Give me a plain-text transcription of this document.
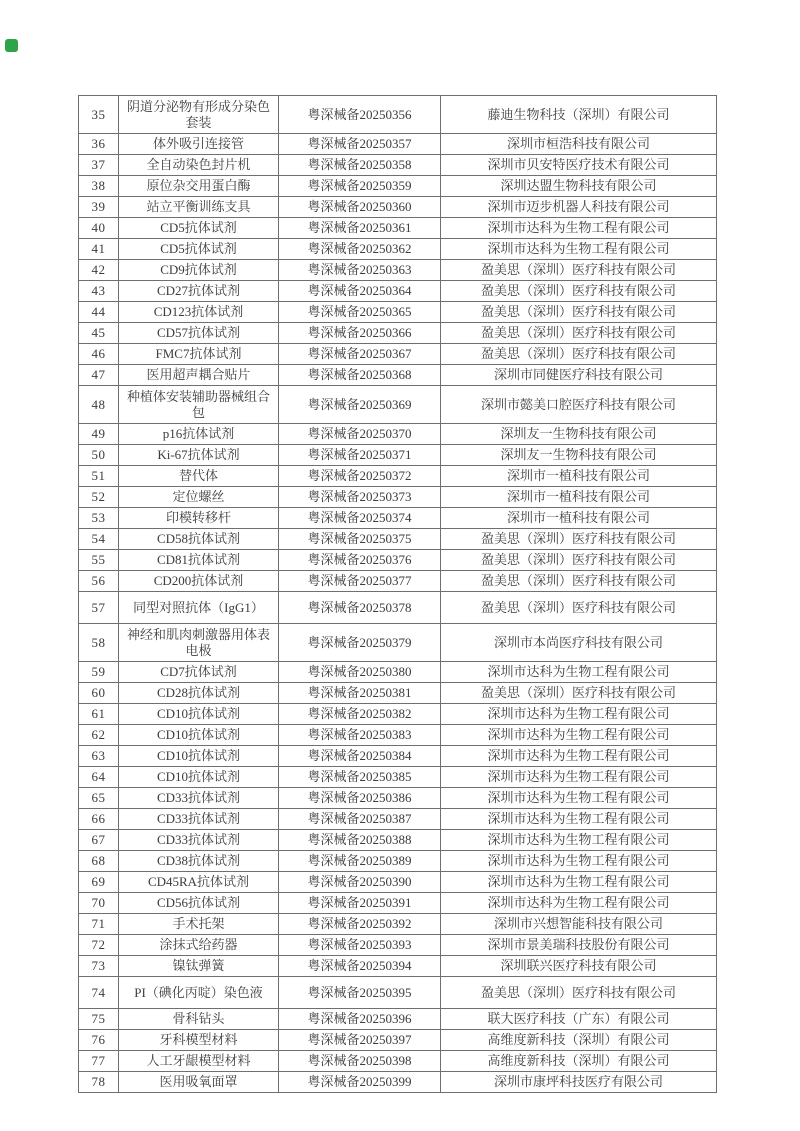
35	阴道分泌物有形成分染色套装	粤深械备20250356	藤迪生物科技（深圳）有限公司
36	体外吸引连接管	粤深械备20250357	深圳市桓浩科技有限公司
37	全自动染色封片机	粤深械备20250358	深圳市贝安特医疗技术有限公司
38	原位杂交用蛋白酶	粤深械备20250359	深圳达盟生物科技有限公司
39	站立平衡训练支具	粤深械备20250360	深圳市迈步机器人科技有限公司
40	CD5抗体试剂	粤深械备20250361	深圳市达科为生物工程有限公司
41	CD5抗体试剂	粤深械备20250362	深圳市达科为生物工程有限公司
42	CD9抗体试剂	粤深械备20250363	盈美思（深圳）医疗科技有限公司
43	CD27抗体试剂	粤深械备20250364	盈美思（深圳）医疗科技有限公司
44	CD123抗体试剂	粤深械备20250365	盈美思（深圳）医疗科技有限公司
45	CD57抗体试剂	粤深械备20250366	盈美思（深圳）医疗科技有限公司
46	FMC7抗体试剂	粤深械备20250367	盈美思（深圳）医疗科技有限公司
47	医用超声耦合贴片	粤深械备20250368	深圳市同健医疗科技有限公司
48	种植体安装辅助器械组合包	粤深械备20250369	深圳市懿美口腔医疗科技有限公司
49	p16抗体试剂	粤深械备20250370	深圳友一生物科技有限公司
50	Ki-67抗体试剂	粤深械备20250371	深圳友一生物科技有限公司
51	替代体	粤深械备20250372	深圳市一植科技有限公司
52	定位螺丝	粤深械备20250373	深圳市一植科技有限公司
53	印模转移杆	粤深械备20250374	深圳市一植科技有限公司
54	CD58抗体试剂	粤深械备20250375	盈美思（深圳）医疗科技有限公司
55	CD81抗体试剂	粤深械备20250376	盈美思（深圳）医疗科技有限公司
56	CD200抗体试剂	粤深械备20250377	盈美思（深圳）医疗科技有限公司
57	同型对照抗体（IgG1）	粤深械备20250378	盈美思（深圳）医疗科技有限公司
58	神经和肌肉刺激器用体表电极	粤深械备20250379	深圳市本尚医疗科技有限公司
59	CD7抗体试剂	粤深械备20250380	深圳市达科为生物工程有限公司
60	CD28抗体试剂	粤深械备20250381	盈美思（深圳）医疗科技有限公司
61	CD10抗体试剂	粤深械备20250382	深圳市达科为生物工程有限公司
62	CD10抗体试剂	粤深械备20250383	深圳市达科为生物工程有限公司
63	CD10抗体试剂	粤深械备20250384	深圳市达科为生物工程有限公司
64	CD10抗体试剂	粤深械备20250385	深圳市达科为生物工程有限公司
65	CD33抗体试剂	粤深械备20250386	深圳市达科为生物工程有限公司
66	CD33抗体试剂	粤深械备20250387	深圳市达科为生物工程有限公司
67	CD33抗体试剂	粤深械备20250388	深圳市达科为生物工程有限公司
68	CD38抗体试剂	粤深械备20250389	深圳市达科为生物工程有限公司
69	CD45RA抗体试剂	粤深械备20250390	深圳市达科为生物工程有限公司
70	CD56抗体试剂	粤深械备20250391	深圳市达科为生物工程有限公司
71	手术托架	粤深械备20250392	深圳市兴想智能科技有限公司
72	涂抹式给药器	粤深械备20250393	深圳市景美瑞科技股份有限公司
73	镍钛弹簧	粤深械备20250394	深圳联兴医疗科技有限公司
74	PI（碘化丙啶）染色液	粤深械备20250395	盈美思（深圳）医疗科技有限公司
75	骨科钻头	粤深械备20250396	联大医疗科技（广东）有限公司
76	牙科模型材料	粤深械备20250397	高维度新科技（深圳）有限公司
77	人工牙龈模型材料	粤深械备20250398	高维度新科技（深圳）有限公司
78	医用吸氧面罩	粤深械备20250399	深圳市康坪科技医疗有限公司
